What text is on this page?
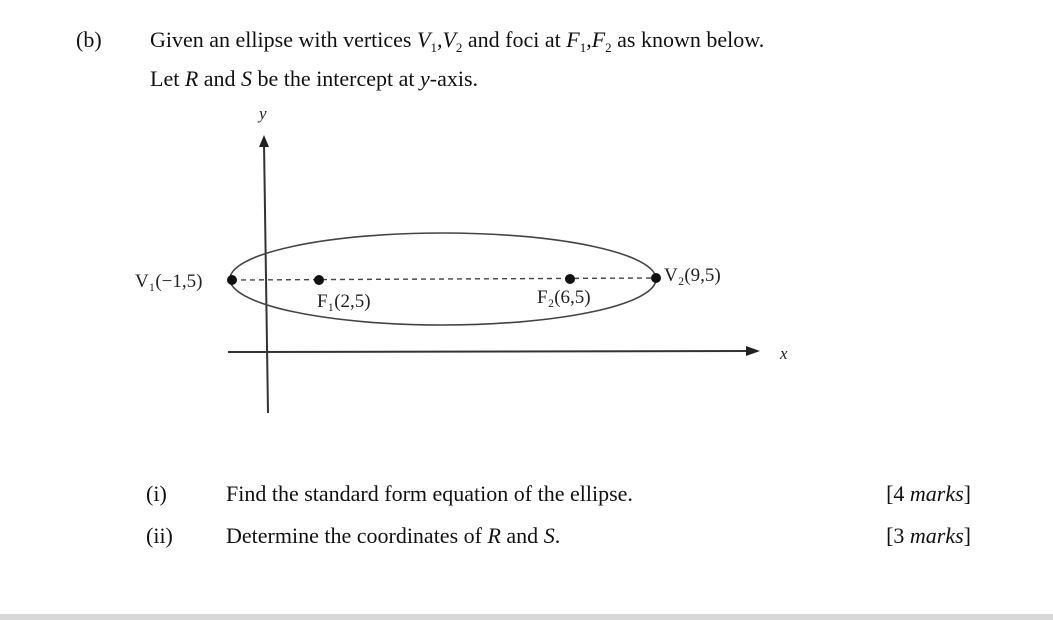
(b) Given an ellipse with vertices $V_1,V_2$ and foci at $F_1,F_2$ as known below.
Let R and S be the intercept at y-axis.
y
x
V₁(−1,5)
F₁(2,5)	F₂(6,5)
V₂(9,5)
(i)	Find the standard form equation of the ellipse.	[4 marks]
(ii) Determine the coordinates of R and S.	[3 marks]
